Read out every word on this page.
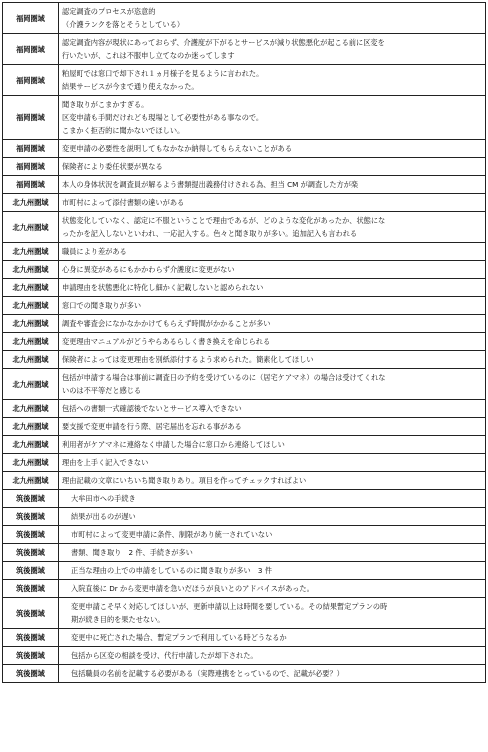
福岡圏域	認定調査のプロセスが恣意的
（介護ランクを落とそうとしている）

福岡圏域	認定調査内容が現状にあっておらず、介護度が下がるとサービスが減り状態悪化が起こる前に区変を
行いたいが、これは不服申し立てなのか迷ってします

福岡圏域	粕屋町では窓口で却下され１ヵ月様子を見るように言われた。
結果サービスが今まで通り使えなかった。

福岡圏域	聞き取りがこまかすぎる。
区変申請も手間だけれども現場として必要性がある事なので。
こまかく拒否的に聞かないでほしい。

福岡圏域	変更申請の必要性を説明してもなかなか納得してもらえないことがある

福岡圏域	保険者により委任状要が異なる

福岡圏域	本人の身体状況を調査員が解るよう書類提出義務付けされる為、担当 CM が調査した方が楽

北九州圏域	市町村によって添付書類の違いがある

北九州圏域	状態変化していなく、認定に不服ということで理由であるが、どのような変化があったか、状態にな
ったかを記入しないといわれ、一応記入する。色々と聞き取りが多い。追加記入も言われる

北九州圏域	職員により差がある

北九州圏域	心身に異変があるにもかかわらず介護度に変更がない

北九州圏域	申請理由を状態悪化に特化し細かく記載しないと認められない

北九州圏域	窓口での聞き取りが多い

北九州圏域	調査や審査会になかなかかけてもらえず時間がかかることが多い

北九州圏域	変更理由マニュアルがどうやらあるらしく書き換えを命じられる

北九州圏域	保険者によっては変更理由を別紙添付するよう求められた。簡素化してほしい

北九州圏域	包括が申請する場合は事前に調査日の予約を受けているのに（居宅ケアマネ）の場合は受けてくれな
いのは不平等だと感じる

北九州圏域	包括への書類一式確認後でないとサービス導入できない

北九州圏域	要支援で変更申請を行う際、居宅届出を忘れる事がある

北九州圏域	利用者がケアマネに連絡なく申請した場合に窓口から連絡してほしい

北九州圏域	理由を上手く記入できない

北九州圏域	理由記載の文章にいちいち聞き取りあり。項目を作ってチェックすればよい

筑後圏域	大牟田市への手続き

筑後圏域	結果が出るのが遅い

筑後圏域	市町村によって変更申請に条件、制限があり統一されていない

筑後圏域	書類、聞き取り　2 件、手続きが多い

筑後圏域	正当な理由の上での申請をしているのに聞き取りが多い　3 件

筑後圏域	入院直後に Dr から変更申請を急いだほうが良いとのアドバイスがあった。

筑後圏域	変更申請こそ早く対応してほしいが、更新申請以上は時間を要している。その結果暫定プランの時
期が続き目的を果たせない。

筑後圏域	変更中に死亡された場合、暫定プランで利用している時どうなるか

筑後圏域	包括から区変の相談を受け、代行申請したが却下された。

筑後圏域	包括職員の名前を記載する必要がある（実際連携をとっているので、記載が必要？）
